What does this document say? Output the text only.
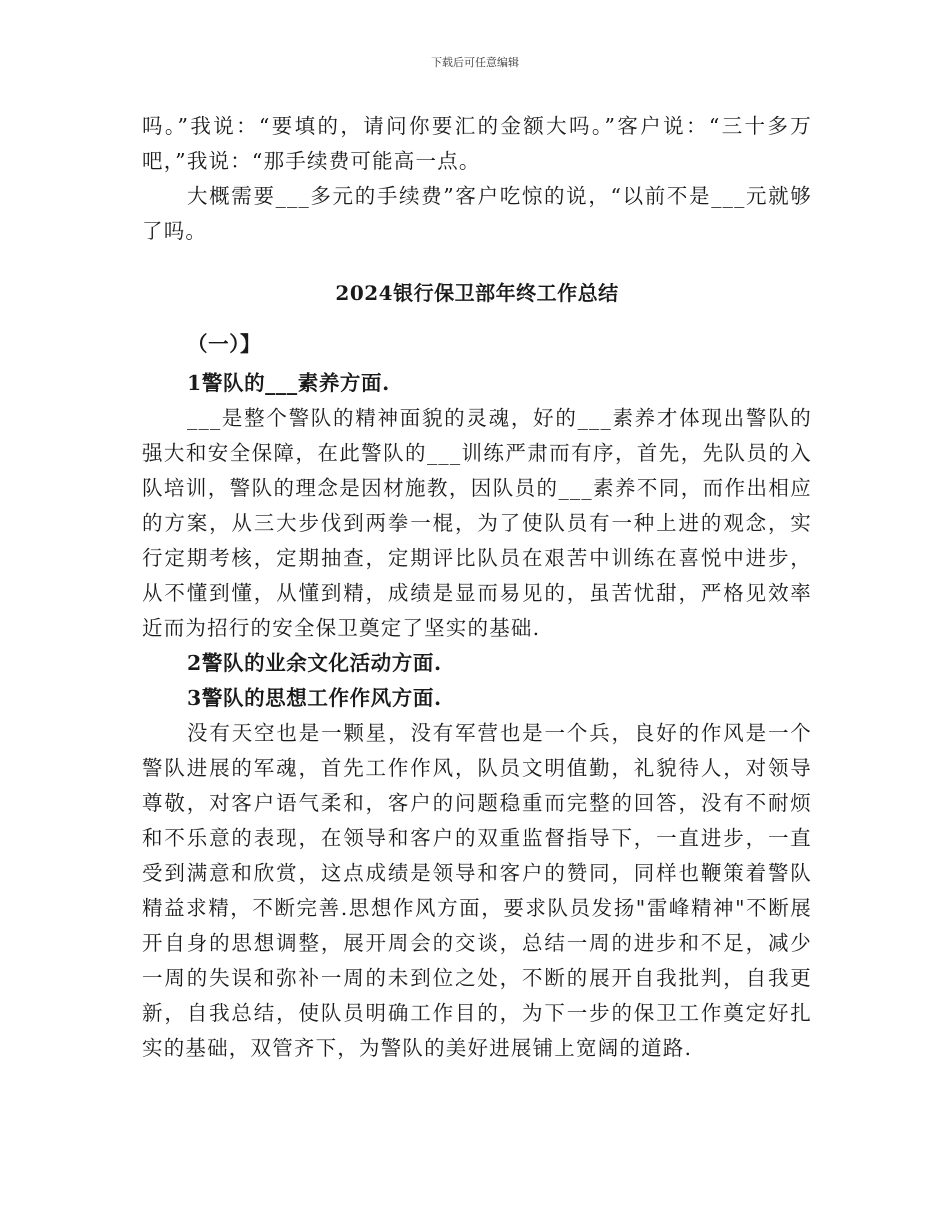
下载后可任意编辑

吗。”我说：“要填的，请问你要汇的金额大吗。”客户说：“三十多万吧，”我说：“那手续费可能高一点。

大概需要___多元的手续费”客户吃惊的说，“以前不是___元就够了吗。

2024银行保卫部年终工作总结
（一）】
1警队的___素养方面.

___是整个警队的精神面貌的灵魂，好的___素养才体现出警队的强大和安全保障，在此警队的___训练严肃而有序，首先，先队员的入队培训，警队的理念是因材施教，因队员的___素养不同，而作出相应的方案，从三大步伐到两拳一棍，为了使队员有一种上进的观念，实行定期考核，定期抽查，定期评比队员在艰苦中训练在喜悦中进步，从不懂到懂，从懂到精，成绩是显而易见的，虽苦忧甜，严格见效率近而为招行的安全保卫奠定了坚实的基础.

2警队的业余文化活动方面.
3警队的思想工作作风方面.

没有天空也是一颗星，没有军营也是一个兵，良好的作风是一个警队进展的军魂，首先工作作风，队员文明值勤，礼貌待人，对领导尊敬，对客户语气柔和，客户的问题稳重而完整的回答，没有不耐烦和不乐意的表现，在领导和客户的双重监督指导下，一直进步，一直受到满意和欣赏，这点成绩是领导和客户的赞同，同样也鞭策着警队精益求精，不断完善.思想作风方面，要求队员发扬"雷峰精神"不断展开自身的思想调整，展开周会的交谈，总结一周的进步和不足，减少一周的失误和弥补一周的未到位之处，不断的展开自我批判，自我更新，自我总结，使队员明确工作目的，为下一步的保卫工作奠定好扎实的基础，双管齐下，为警队的美好进展铺上宽阔的道路.
